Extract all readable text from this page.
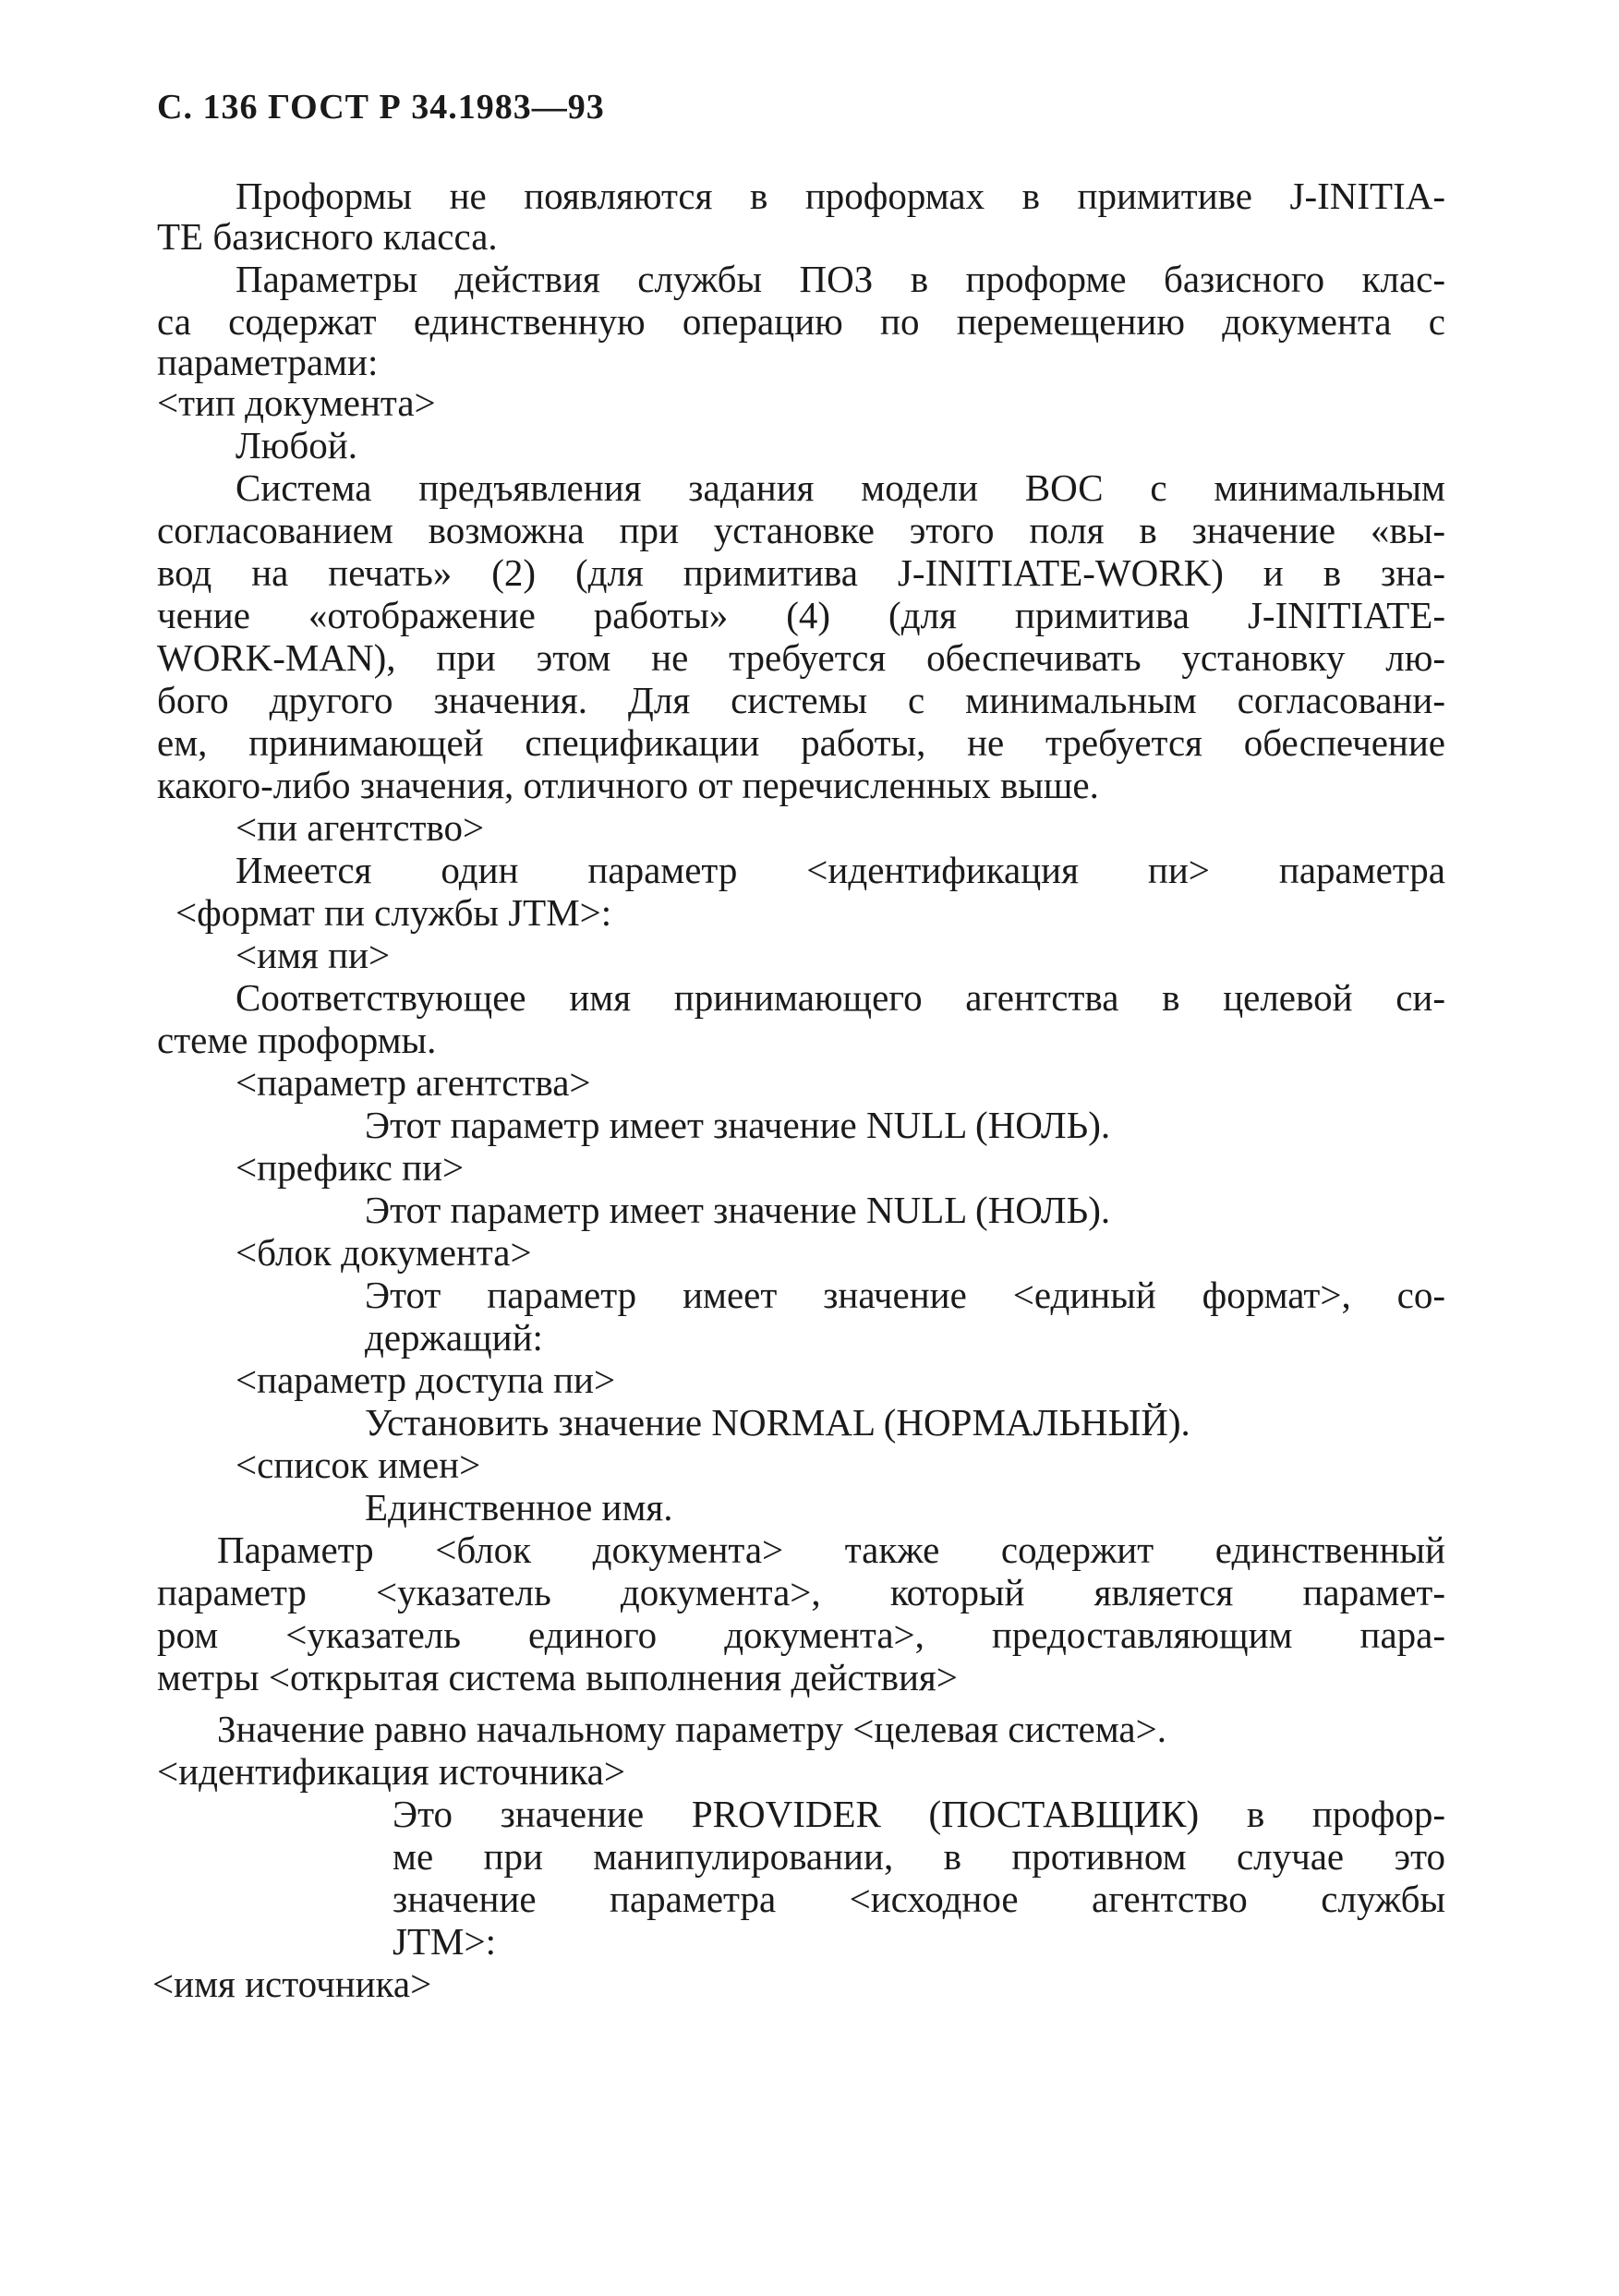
С. 136 ГОСТ Р 34.1983—93
Проформы не появляются в проформах в примитиве J-INITIA-
ТЕ базисного класса.
Параметры действия службы ПОЗ в проформе базисного клас-
са содержат единственную операцию по перемещению документа с
параметрами:
<тип документа>
Любой.
Система предъявления задания модели ВОС с минимальным
согласованием возможна при установке этого поля в значение «вы-
вод на печать» (2) (для примитива J-INITIATE-WORK) и в зна-
чение «отображение работы» (4) (для примитива J-INITIATE-
WORK-MAN), при этом не требуется обеспечивать установку лю-
бого другого значения. Для системы с минимальным согласовани-
ем, принимающей спецификации работы, не требуется обеспечение
какого-либо значения, отличного от перечисленных выше.
<пи агентство>
Имеется один параметр <идентификация пи> параметра
<формат пи службы JTM>:
<имя пи>
Соответствующее имя принимающего агентства в целевой си-
стеме проформы.
<параметр агентства>
Этот параметр имеет значение NULL (НОЛЬ).
<префикс пи>
Этот параметр имеет значение NULL (НОЛЬ).
<блок документа>
Этот параметр имеет значение <единый формат>, со-
держащий:
<параметр доступа пи>
Установить значение NORMAL (НОРМАЛЬНЫЙ).
<список имен>
Единственное имя.
Параметр <блок документа> также содержит единственный
параметр <указатель документа>, который является парамет-
ром <указатель единого документа>, предоставляющим пара-
метры <открытая система выполнения действия>
Значение равно начальному параметру <целевая система>.
<идентификация источника>
Это значение PROVIDER (ПОСТАВЩИК) в профор-
ме при манипулировании, в противном случае это
значение параметра <исходное агентство службы
JTM>:
<имя источника>
